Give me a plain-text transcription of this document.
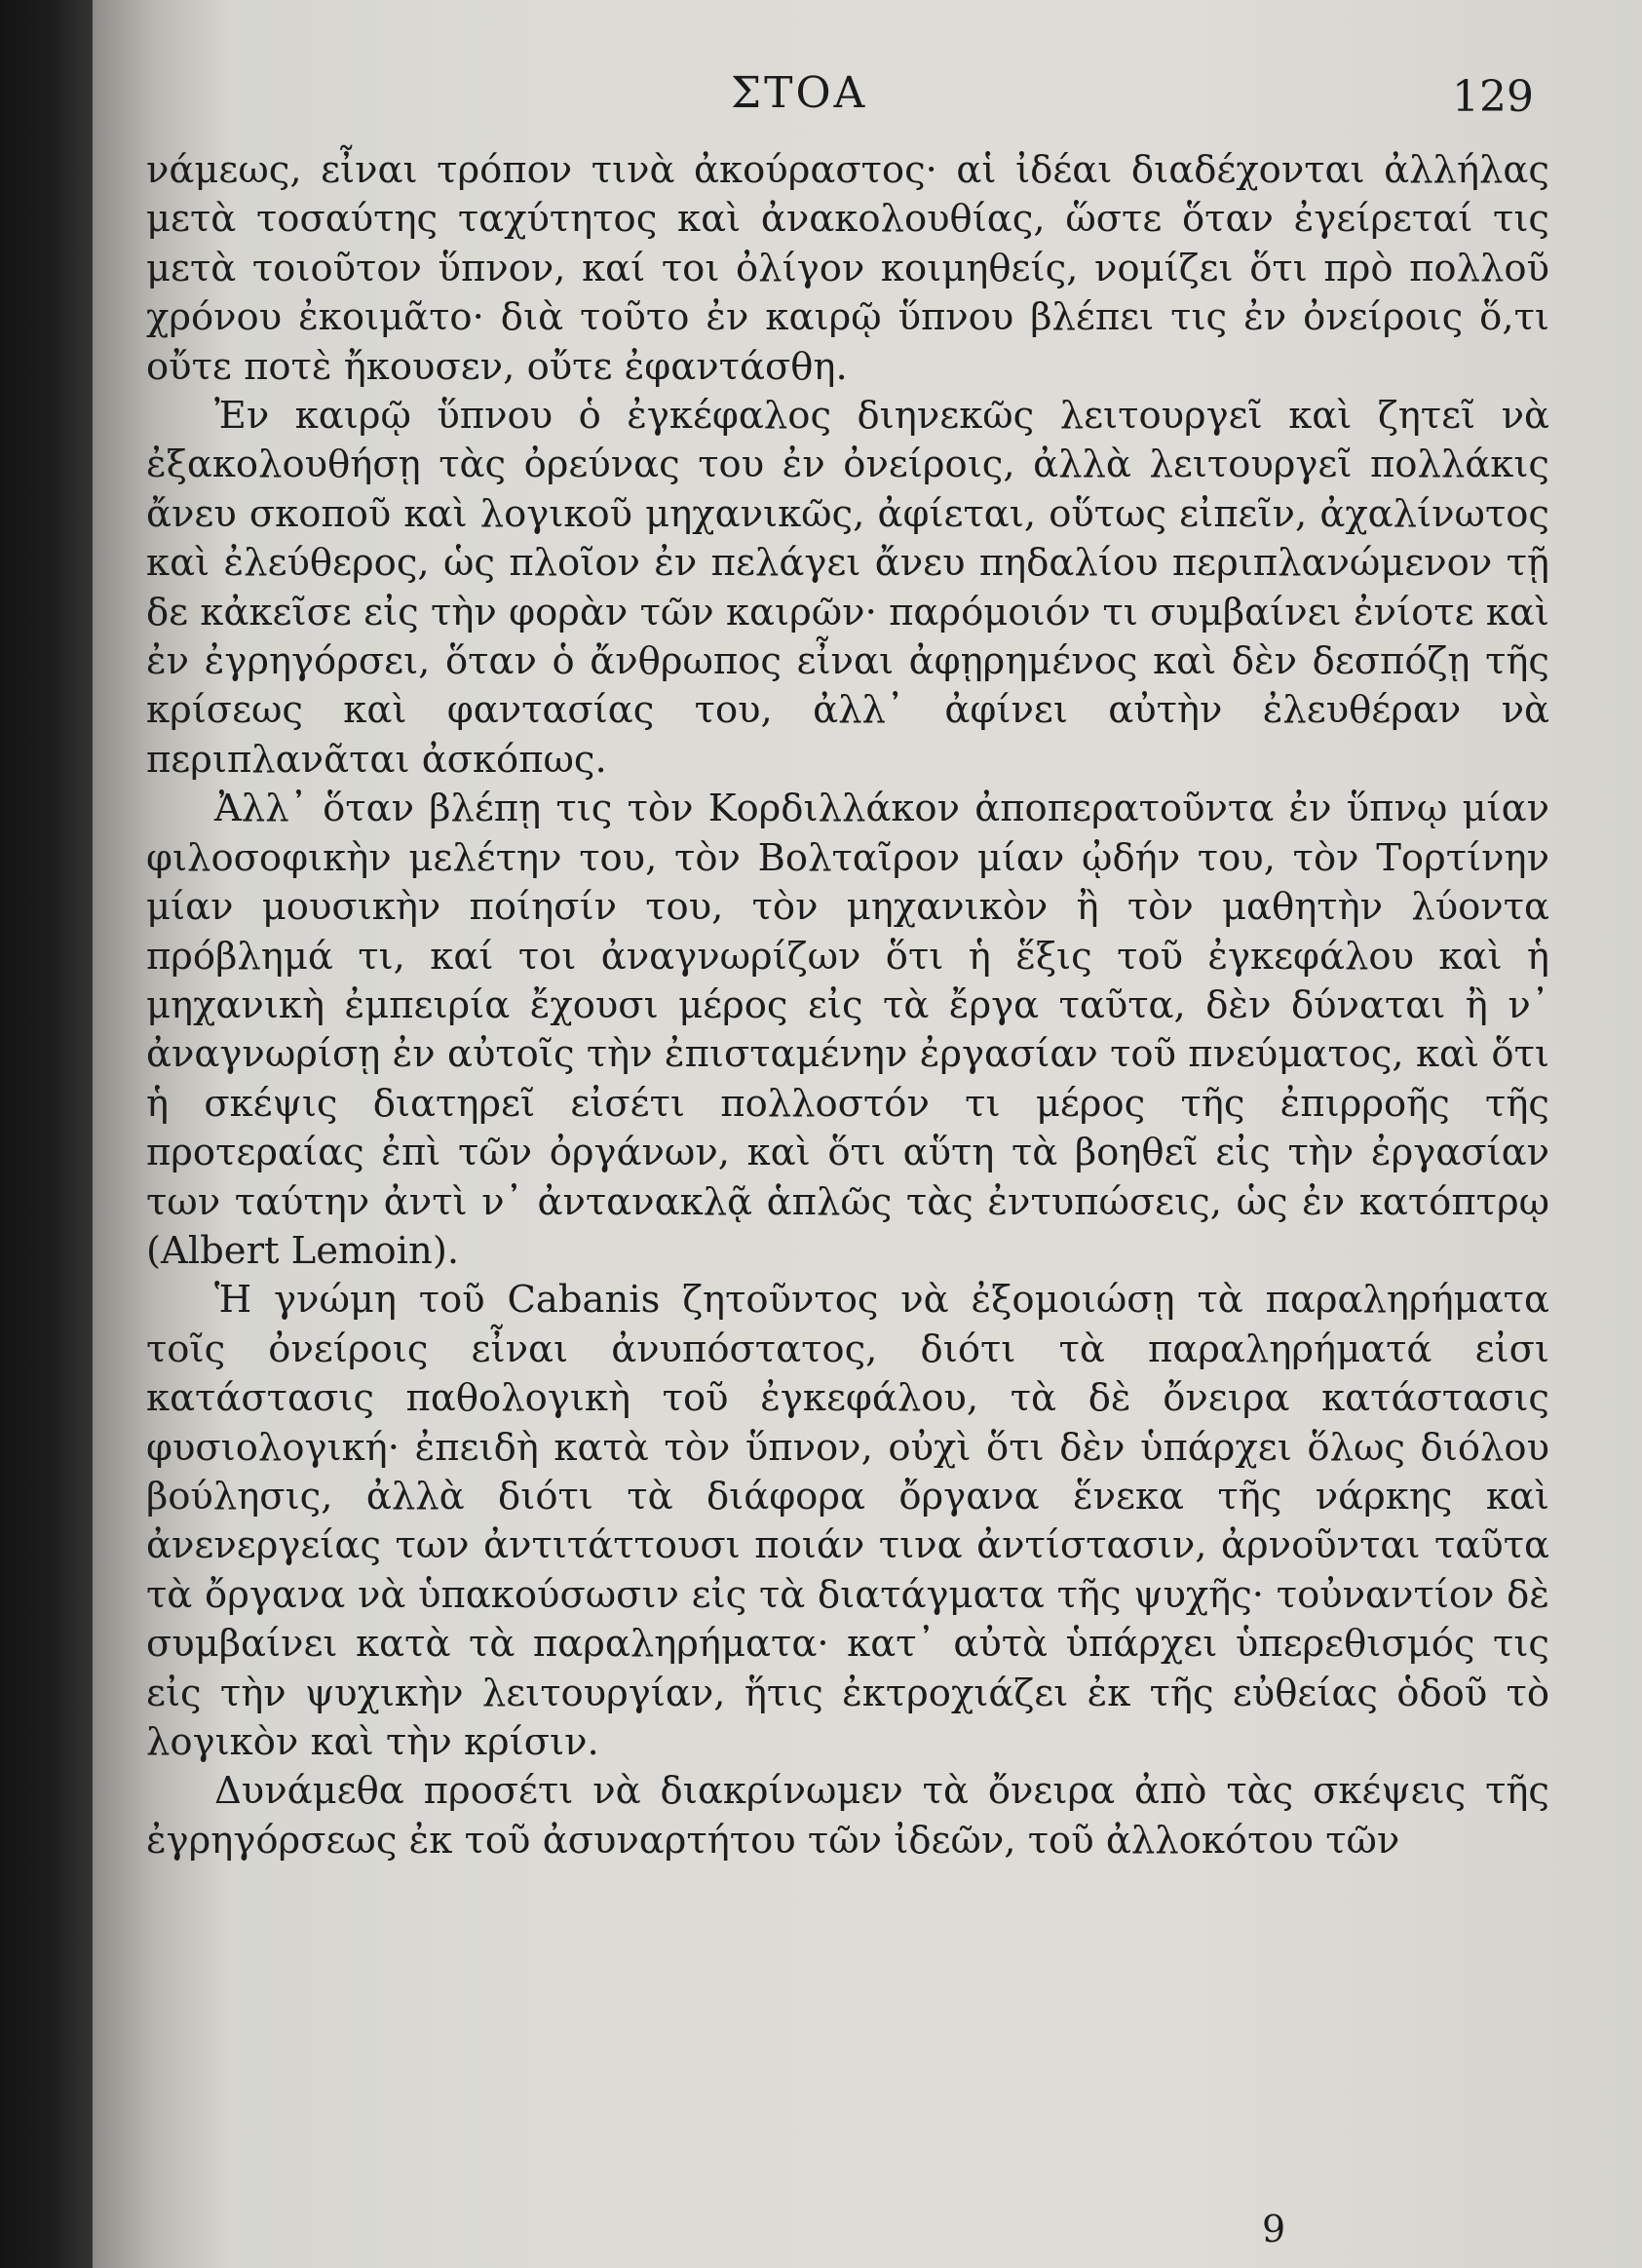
ΣΤΟΑ	129

νάμεως, εἶναι τρόπον τινὰ ἀκούραστος· αἱ ἰδέαι διαδέχονται ἀλλήλας μετὰ τοσαύτης ταχύτητος καὶ ἀνακολουθίας, ὥστε ὅταν ἐγείρεταί τις μετὰ τοιοῦτον ὕπνον, καί τοι ὀλίγον κοιμηθείς, νομίζει ὅτι πρὸ πολλοῦ χρόνου ἐκοιμᾶτο· διὰ τοῦτο ἐν καιρῷ ὕπνου βλέπει τις ἐν ὀνείροις ὅ,τι οὔτε ποτὲ ἤκουσεν, οὔτε ἐφαντάσθη.

Ἐν καιρῷ ὕπνου ὁ ἐγκέφαλος διηνεκῶς λειτουργεῖ καὶ ζητεῖ νὰ ἐξακολουθήσῃ τὰς ὀρεύνας του ἐν ὀνείροις, ἀλλὰ λειτουργεῖ πολλάκις ἄνευ σκοποῦ καὶ λογικοῦ μηχανικῶς, ἀφίεται, οὕτως εἰπεῖν, ἀχαλίνωτος καὶ ἐλεύθερος, ὡς πλοῖον ἐν πελάγει ἄνευ πηδαλίου περιπλανώμενον τῇ δε κἀκεῖσε εἰς τὴν φορὰν τῶν καιρῶν· παρόμοιόν τι συμβαίνει ἐνίοτε καὶ ἐν ἐγρηγόρσει, ὅταν ὁ ἄνθρωπος εἶναι ἀφῃρημένος καὶ δὲν δεσπόζῃ τῆς κρίσεως καὶ φαντασίας του, ἀλλ᾽ ἀφίνει αὐτὴν ἐλευθέραν νὰ περιπλανᾶται ἀσκόπως.

Ἀλλ᾽ ὅταν βλέπῃ τις τὸν Κορδιλλάκον ἀποπερατοῦντα ἐν ὕπνῳ μίαν φιλοσοφικὴν μελέτην του, τὸν Βολταῖρον μίαν ᾠδήν του, τὸν Τορτίνην μίαν μουσικὴν ποίησίν του, τὸν μηχανικὸν ἢ τὸν μαθητὴν λύοντα πρόβλημά τι, καί τοι ἀναγνωρίζων ὅτι ἡ ἕξις τοῦ ἐγκεφάλου καὶ ἡ μηχανικὴ ἐμπειρία ἔχουσι μέρος εἰς τὰ ἔργα ταῦτα, δὲν δύναται ἢ ν᾽ ἀναγνωρίσῃ ἐν αὐτοῖς τὴν ἐπισταμένην ἐργασίαν τοῦ πνεύματος, καὶ ὅτι ἡ σκέψις διατηρεῖ εἰσέτι πολλοστόν τι μέρος τῆς ἐπιρροῆς τῆς προτεραίας ἐπὶ τῶν ὀργάνων, καὶ ὅτι αὕτη τὰ βοηθεῖ εἰς τὴν ἐργασίαν των ταύτην ἀντὶ ν᾽ ἀντανακλᾷ ἁπλῶς τὰς ἐντυπώσεις, ὡς ἐν κατόπτρῳ (Albert Lemoin).

Ἡ γνώμη τοῦ Cabanis ζητοῦντος νὰ ἐξομοιώσῃ τὰ παραληρήματα τοῖς ὀνείροις εἶναι ἀνυπόστατος, διότι τὰ παραληρήματά εἰσι κατάστασις παθολογικὴ τοῦ ἐγκεφάλου, τὰ δὲ ὄνειρα κατάστασις φυσιολογική· ἐπειδὴ κατὰ τὸν ὕπνον, οὐχὶ ὅτι δὲν ὑπάρχει ὅλως διόλου βούλησις, ἀλλὰ διότι τὰ διάφορα ὄργανα ἕνεκα τῆς νάρκης καὶ ἀνενεργείας των ἀντιτάττουσι ποιάν τινα ἀντίστασιν, ἀρνοῦνται ταῦτα τὰ ὄργανα νὰ ὑπακούσωσιν εἰς τὰ διατάγματα τῆς ψυχῆς· τοὐναντίον δὲ συμβαίνει κατὰ τὰ παραληρήματα· κατ᾽ αὐτὰ ὑπάρχει ὑπερεθισμός τις εἰς τὴν ψυχικὴν λειτουργίαν, ἥτις ἐκτροχιάζει ἐκ τῆς εὐθείας ὁδοῦ τὸ λογικὸν καὶ τὴν κρίσιν.

Δυνάμεθα προσέτι νὰ διακρίνωμεν τὰ ὄνειρα ἀπὸ τὰς σκέψεις τῆς ἐγρηγόρσεως ἐκ τοῦ ἀσυναρτήτου τῶν ἰδεῶν, τοῦ ἀλλοκότου τῶν

9
